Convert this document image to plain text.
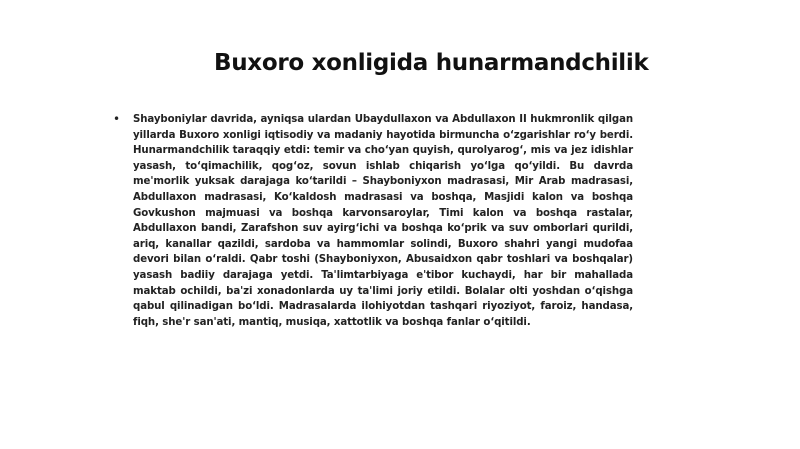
Buxoro xonligida hunarmandchilik
•	Shayboniylar davrida, ayniqsa ulardan Ubaydullaxon va Abdullaxon II hukmronlik qilgan yillarda Buxoro xonligi iqtisodiy va madaniy hayotida birmuncha o‘zgarishlar ro‘y berdi. Hunarmandchilik taraqqiy etdi: temir va cho‘yan quyish, qurolyarog‘, mis va jez idishlar yasash, to‘qimachilik, qog‘oz, sovun ishlab chiqarish yo‘lga qo‘yildi. Bu davrda me'morlik yuksak darajaga ko‘tarildi – Shayboniyxon madrasasi, Mir Arab madrasasi, Abdullaxon madrasasi, Ko‘kaldosh madrasasi va boshqa, Masjidi kalon va boshqa Govkushon majmuasi va boshqa karvonsaroylar, Timi kalon va boshqa rastalar, Abdullaxon bandi, Zarafshon suv ayirg‘ichi va boshqa ko‘prik va suv omborlari qurildi, ariq, kanallar qazildi, sardoba va hammomlar solindi, Buxoro shahri yangi mudofaa devori bilan o‘raldi. Qabr toshi (Shayboniyxon, Abusaidxon qabr toshlari va boshqalar) yasash badiiy darajaga yetdi. Ta'limtarbiyaga e'tibor kuchaydi, har bir mahallada maktab ochildi, ba'zi xonadonlarda uy ta'limi joriy etildi. Bolalar olti yoshdan o‘qishga qabul qilinadigan bo‘ldi. Madrasalarda ilohiyotdan tashqari riyoziyot, faroiz, handasa, fiqh, she'r san'ati, mantiq, musiqa, xattotlik va boshqa fanlar o‘qitildi.
